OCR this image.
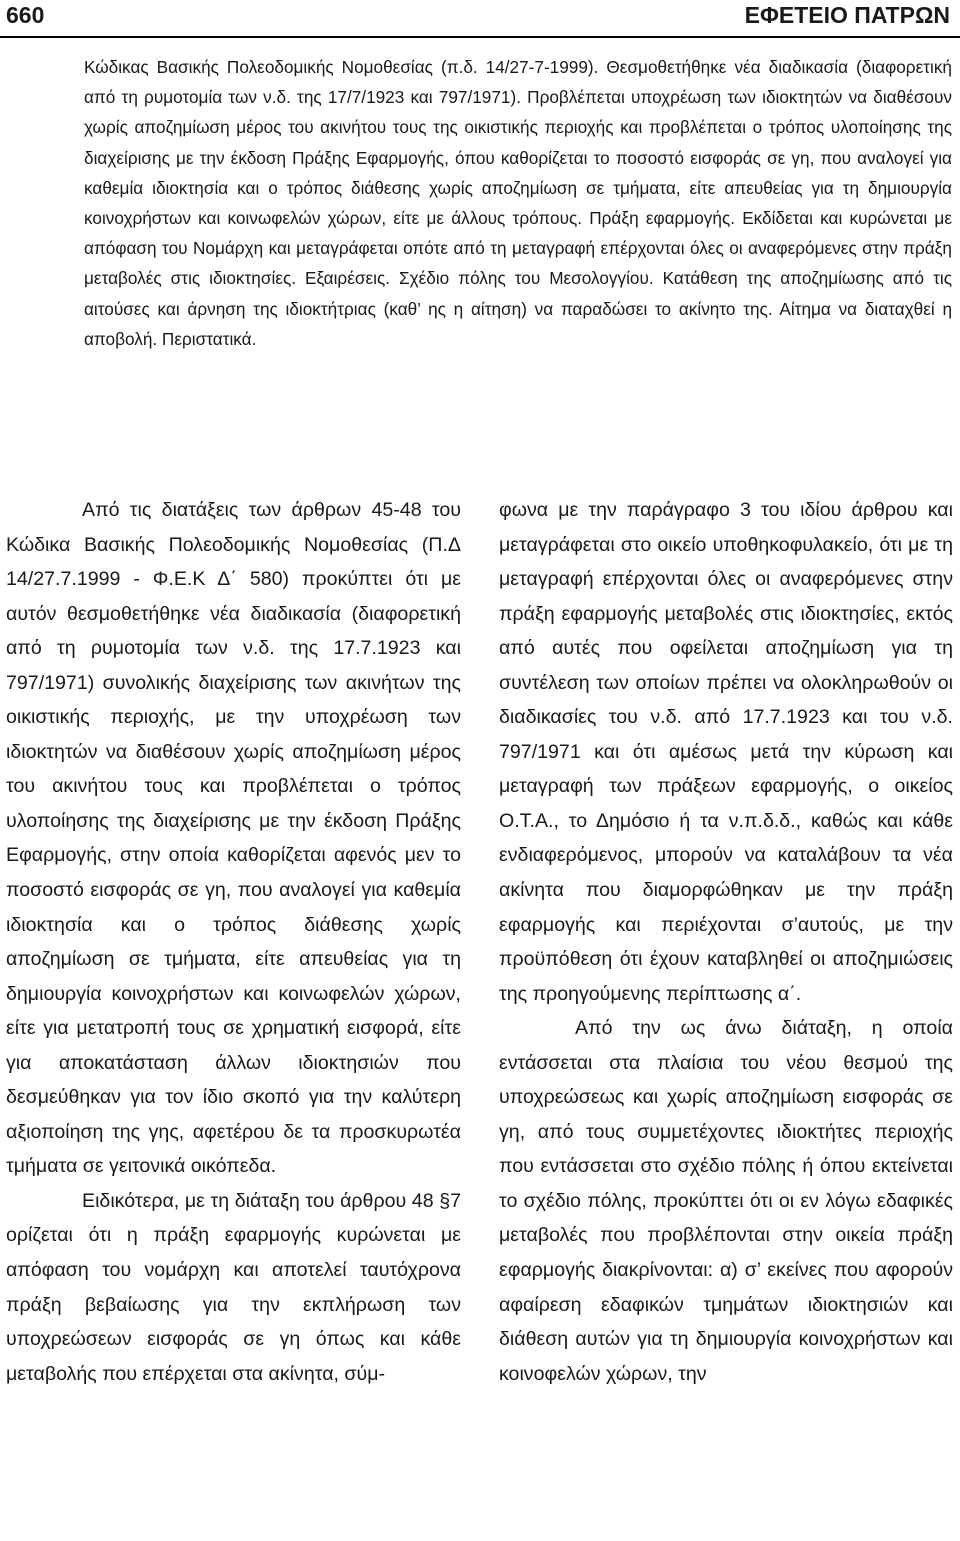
660	ΕΦΕΤΕΙΟ ΠΑΤΡΩΝ

Κώδικας Βασικής Πολεοδομικής Νομοθεσίας (π.δ. 14/27-7-1999). Θεσμοθετήθηκε νέα διαδικασία (διαφορετική από τη ρυμοτομία των ν.δ. της 17/7/1923 και 797/1971). Προβλέπεται υποχρέωση των ιδιοκτητών να διαθέσουν χωρίς αποζημίωση μέρος του ακινήτου τους της οικιστικής περιοχής και προβλέπεται ο τρόπος υλοποίησης της διαχείρισης με την έκδοση Πράξης Εφαρμογής, όπου καθορίζεται το ποσοστό εισφοράς σε γη, που αναλογεί για καθεμία ιδιοκτησία και ο τρόπος διάθεσης χωρίς αποζημίωση σε τμήματα, είτε απευθείας για τη δημιουργία κοινοχρήστων και κοινωφελών χώρων, είτε με άλλους τρόπους. Πράξη εφαρμογής. Εκδίδεται και κυρώνεται με απόφαση του Νομάρχη και μεταγράφεται οπότε από τη μεταγραφή επέρχονται όλες οι αναφερόμενες στην πράξη μεταβολές στις ιδιοκτησίες. Εξαιρέσεις. Σχέδιο πόλης του Μεσολογγίου. Κατάθεση της αποζημίωσης από τις αιτούσες και άρνηση της ιδιοκτήτριας (καθ’ ης η αίτηση) να παραδώσει το ακίνητο της. Αίτημα να διαταχθεί η αποβολή. Περιστατικά.

Από τις διατάξεις των άρθρων 45-48 του Κώδικα Βασικής Πολεοδομικής Νομοθεσίας (Π.Δ 14/27.7.1999 - Φ.Ε.Κ Δ΄ 580) προκύπτει ότι με αυτόν θεσμοθετήθηκε νέα διαδικασία (διαφορετική από τη ρυμοτομία των ν.δ. της 17.7.1923 και 797/1971) συνολικής διαχείρισης των ακινήτων της οικιστικής περιοχής, με την υποχρέωση των ιδιοκτητών να διαθέσουν χωρίς αποζημίωση μέρος του ακινήτου τους και προβλέπεται ο τρόπος υλοποίησης της διαχείρισης με την έκδοση Πράξης Εφαρμογής, στην οποία καθορίζεται αφενός μεν το ποσοστό εισφοράς σε γη, που αναλογεί για καθεμία ιδιοκτησία και ο τρόπος διάθεσης χωρίς αποζημίωση σε τμήματα, είτε απευθείας για τη δημιουργία κοινοχρήστων και κοινωφελών χώρων, είτε για μετατροπή τους σε χρηματική εισφορά, είτε για αποκατάσταση άλλων ιδιοκτησιών που δεσμεύθηκαν για τον ίδιο σκοπό για την καλύτερη αξιοποίηση της γης, αφετέρου δε τα προσκυρωτέα τμήματα σε γειτονικά οικόπεδα.

Ειδικότερα, με τη διάταξη του άρθρου 48 §7 ορίζεται ότι η πράξη εφαρμογής κυρώνεται με απόφαση του νομάρχη και αποτελεί ταυτόχρονα πράξη βεβαίωσης για την εκπλήρωση των υποχρεώσεων εισφοράς σε γη όπως και κάθε μεταβολής που επέρχεται στα ακίνητα, σύμ-

φωνα με την παράγραφο 3 του ιδίου άρθρου και μεταγράφεται στο οικείο υποθηκοφυλακείο, ότι με τη μεταγραφή επέρχονται όλες οι αναφερόμενες στην πράξη εφαρμογής μεταβολές στις ιδιοκτησίες, εκτός από αυτές που οφείλεται αποζημίωση για τη συντέλεση των οποίων πρέπει να ολοκληρωθούν οι διαδικασίες του ν.δ. από 17.7.1923 και του ν.δ. 797/1971 και ότι αμέσως μετά την κύρωση και μεταγραφή των πράξεων εφαρμογής, ο οικείος Ο.Τ.Α., το Δημόσιο ή τα ν.π.δ.δ., καθώς και κάθε ενδιαφερόμενος, μπορούν να καταλάβουν τα νέα ακίνητα που διαμορφώθηκαν με την πράξη εφαρμογής και περιέχονται σ’αυτούς, με την προϋπόθεση ότι έχουν καταβληθεί οι αποζημιώσεις της προηγούμενης περίπτωσης α΄.

Από την ως άνω διάταξη, η οποία εντάσσεται στα πλαίσια του νέου θεσμού της υποχρεώσεως και χωρίς αποζημίωση εισφοράς σε γη, από τους συμμετέχοντες ιδιοκτήτες περιοχής που εντάσσεται στο σχέδιο πόλης ή όπου εκτείνεται το σχέδιο πόλης, προκύπτει ότι οι εν λόγω εδαφικές μεταβολές που προβλέπονται στην οικεία πράξη εφαρμογής διακρίνονται: α) σ’ εκείνες που αφορούν αφαίρεση εδαφικών τμημάτων ιδιοκτησιών και διάθεση αυτών για τη δημιουργία κοινοχρήστων και κοινοφελών χώρων, την
